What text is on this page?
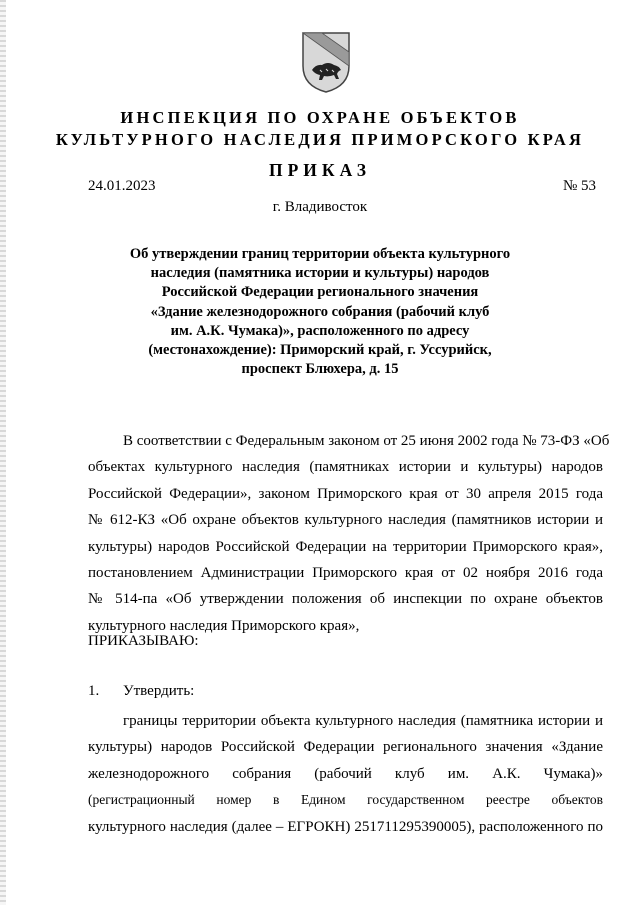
ИНСПЕКЦИЯ ПО ОХРАНЕ ОБЪЕКТОВ
КУЛЬТУРНОГО НАСЛЕДИЯ ПРИМОРСКОГО КРАЯ
ПРИКАЗ
24.01.2023	№ 53
г. Владивосток
Об утверждении границ территории объекта культурного
наследия (памятника истории и культуры) народов
Российской Федерации регионального значения
«Здание железнодорожного собрания (рабочий клуб
им. А.К. Чумака)», расположенного по адресу
(местонахождение): Приморский край, г. Уссурийск,
проспект Блюхера, д. 15
В соответствии с Федеральным законом от 25 июня 2002 года № 73-ФЗ «Об
объектах культурного наследия (памятниках истории и культуры) народов
Российской Федерации», законом Приморского края от 30 апреля 2015 года
№ 612-КЗ «Об охране объектов культурного наследия (памятников истории и
культуры) народов Российской Федерации на территории Приморского края»,
постановлением Администрации Приморского края от 02 ноября 2016 года
№ 514-па «Об утверждении положения об инспекции по охране объектов
культурного наследия Приморского края»,
ПРИКАЗЫВАЮ:
1. Утвердить:
границы территории объекта культурного наследия (памятника истории и
культуры) народов Российской Федерации регионального значения «Здание
железнодорожного собрания (рабочий клуб им. А.К. Чумака)»
(регистрационный номер в Едином государственном реестре объектов
культурного наследия (далее – ЕГРОКН) 251711295390005), расположенного по
